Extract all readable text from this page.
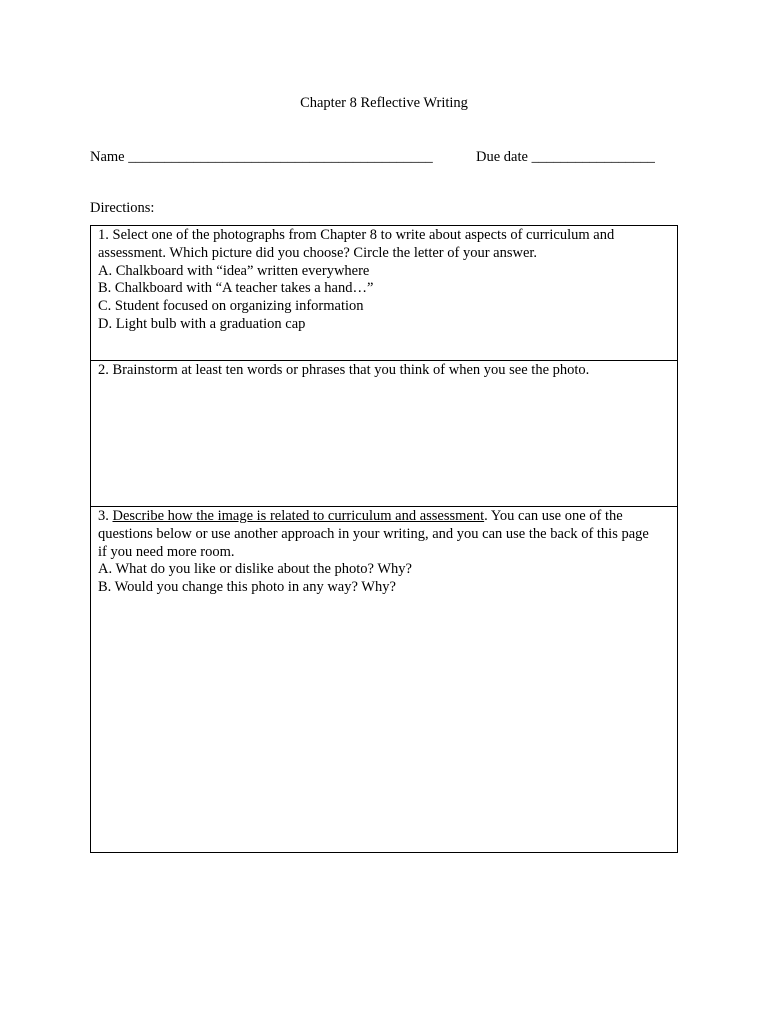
Chapter 8 Reflective Writing
Name __________________________________________	Due date _________________
Directions:
1. Select one of the photographs from Chapter 8 to write about aspects of curriculum and
assessment. Which picture did you choose? Circle the letter of your answer.
A. Chalkboard with “idea” written everywhere
B. Chalkboard with “A teacher takes a hand…”
C. Student focused on organizing information
D. Light bulb with a graduation cap
2. Brainstorm at least ten words or phrases that you think of when you see the photo.
3. Describe how the image is related to curriculum and assessment. You can use one of the
questions below or use another approach in your writing, and you can use the back of this page
if you need more room.
A. What do you like or dislike about the photo? Why?
B. Would you change this photo in any way? Why?
